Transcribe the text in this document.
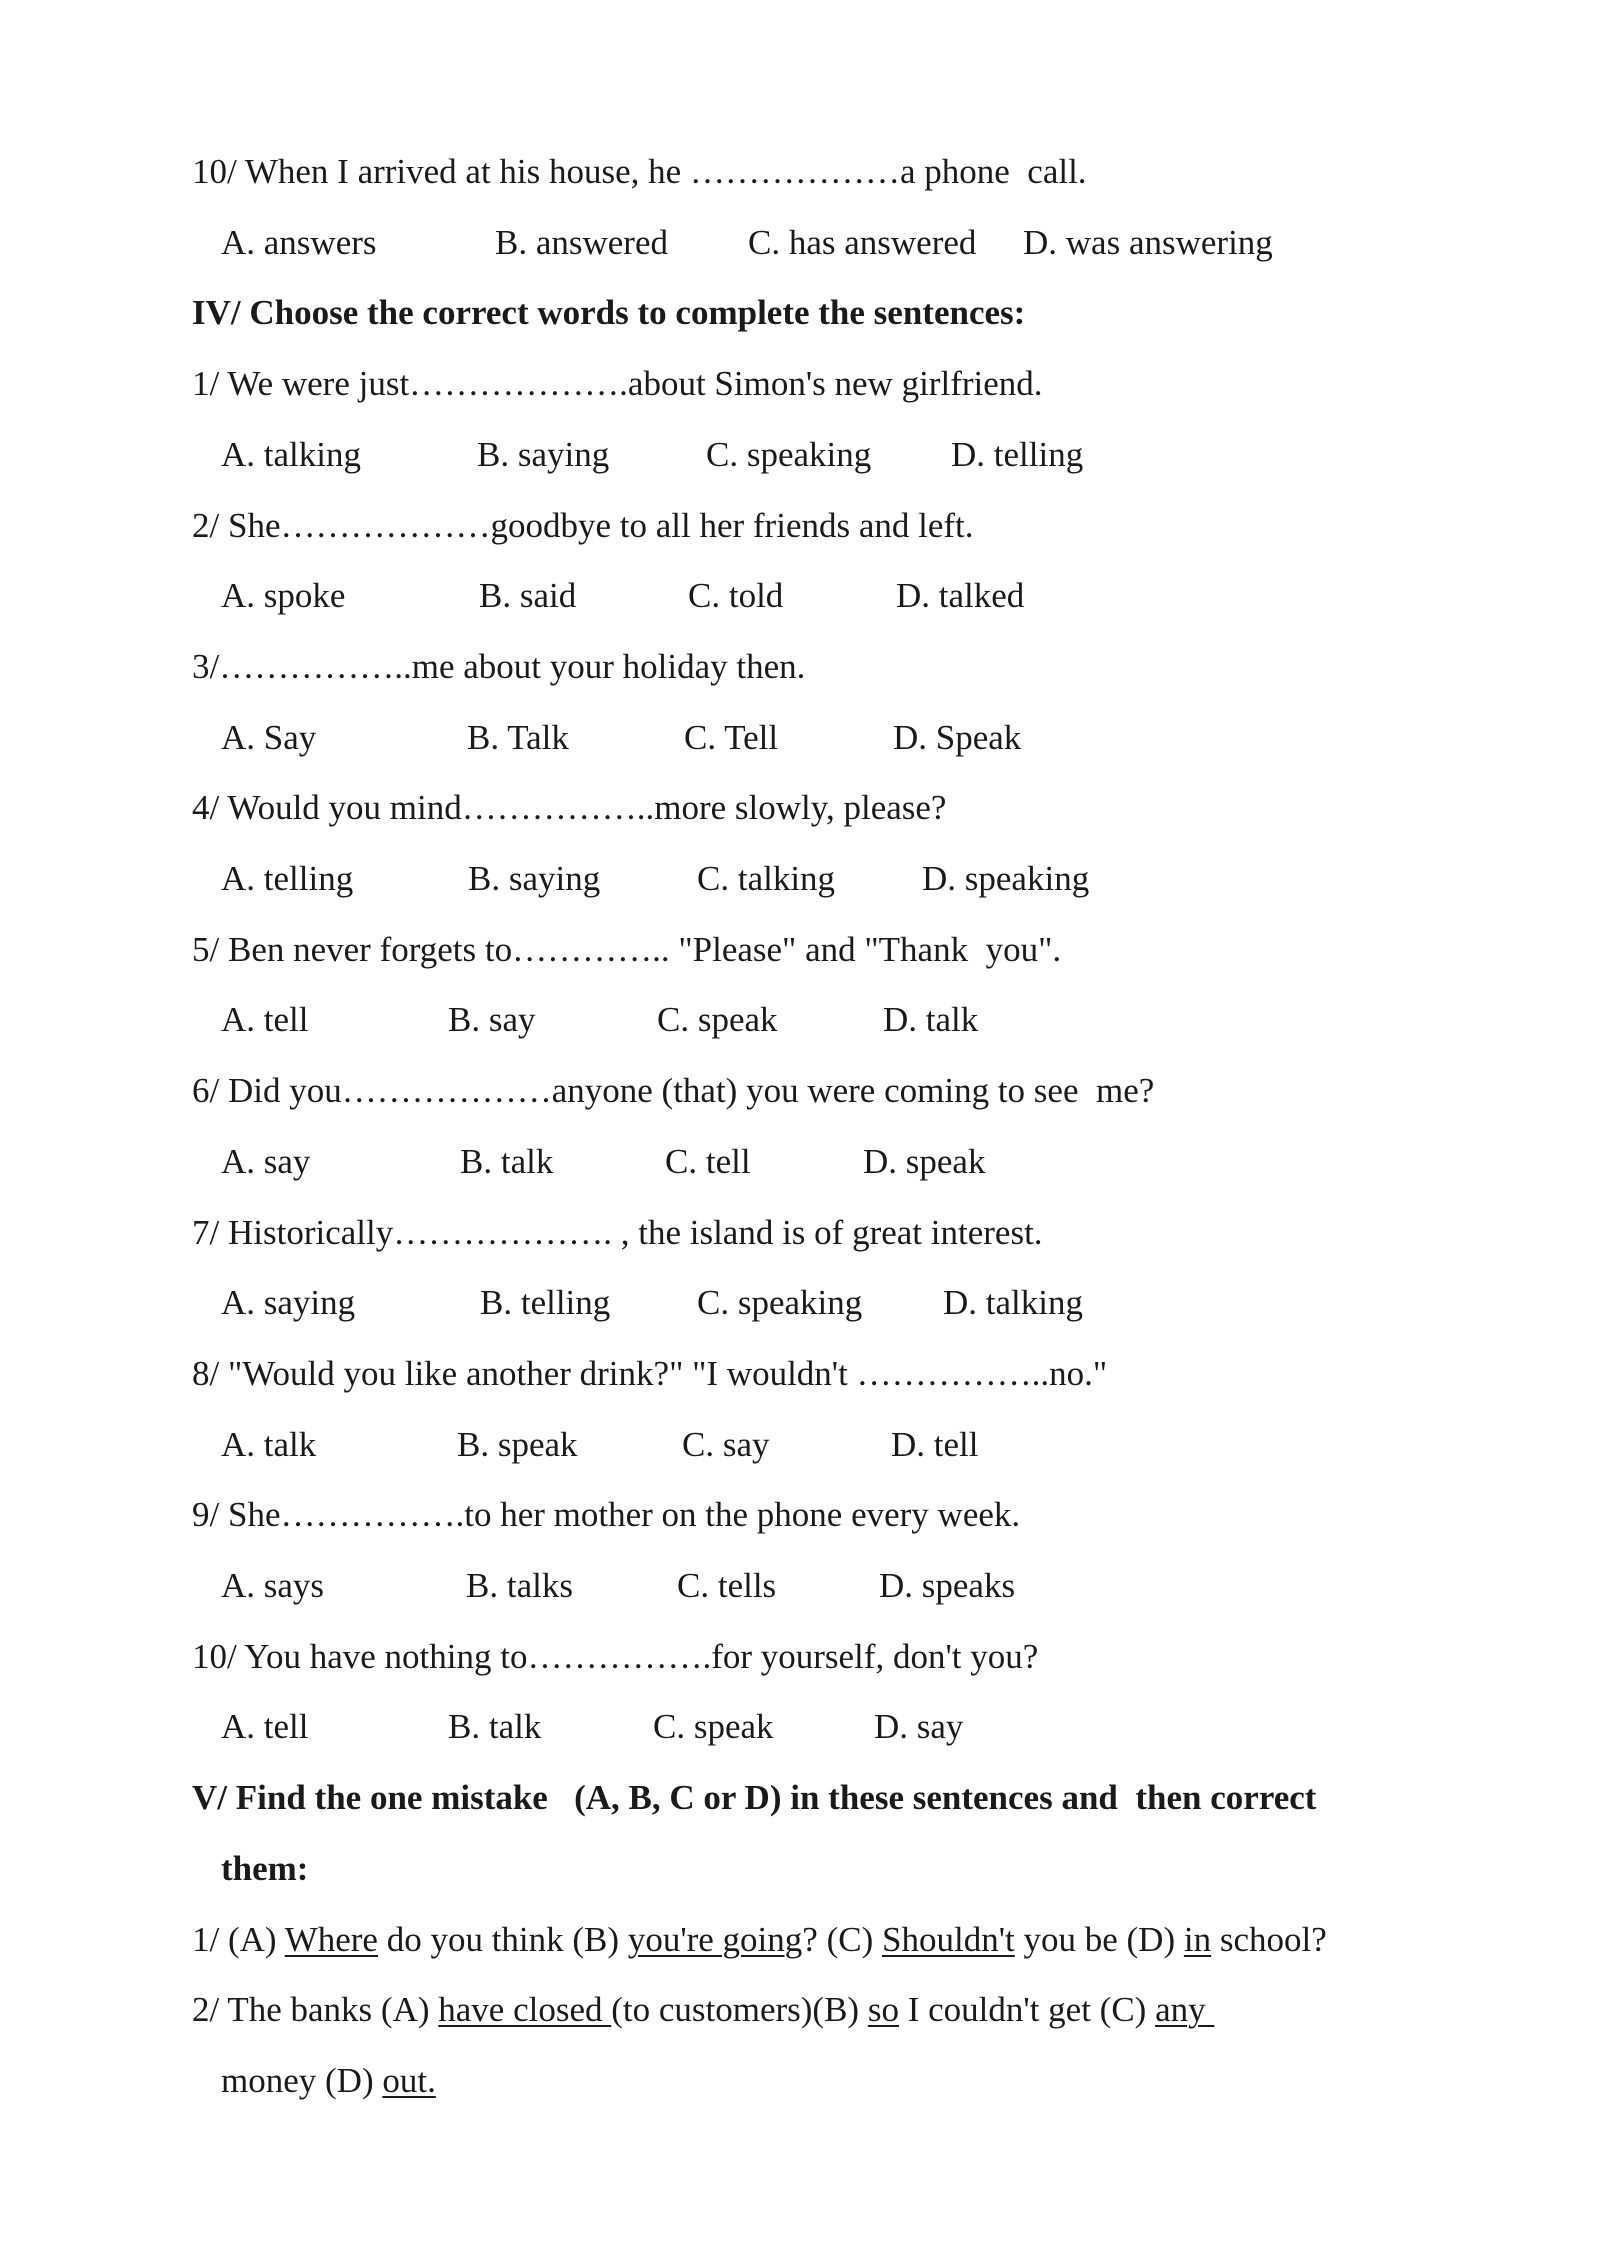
10/ When I arrived at his house, he ………………a phone  call.
A. answers	B. answered C. has answered D. was answering
IV/ Choose the correct words to complete the sentences:
1/ We were just……………….about Simon's new girlfriend.
A. talking	B. saying	C. speaking D. telling
2/ She………………goodbye to all her friends and left.
A. spoke	B. said	C. told	D. talked
3/……………..me about your holiday then.
A. Say	B. Talk	C. Tell	D. Speak
4/ Would you mind……………..more slowly, please?
A. telling	B. saying	C. talking D. speaking
5/ Ben never forgets to………….. "Please" and "Thank  you".
A. tell	B. say	C. speak	D. talk
6/ Did you………………anyone (that) you were coming to see  me?
A. say	B. talk	C. tell	D. speak
7/ Historically………………. , the island is of great interest.
A. saying	B. telling C. speaking D. talking
8/ "Would you like another drink?" "I wouldn't ……………..no."
A. talk	B. speak	C. say	D. tell
9/ She…………….to her mother on the phone every week.
A. says	B. talks	C. tells	D. speaks
10/ You have nothing to…………….for yourself, don't you?
A. tell	B. talk	C. speak	D. say
V/ Find the one mistake   (A, B, C or D) in these sentences and  then correct
them:
1/ (A) Where do you think (B) you're going? (C) Shouldn't you be (D) in school?
2/ The banks (A) have closed (to customers)(B) so I couldn't get (C) any
money (D) out.
